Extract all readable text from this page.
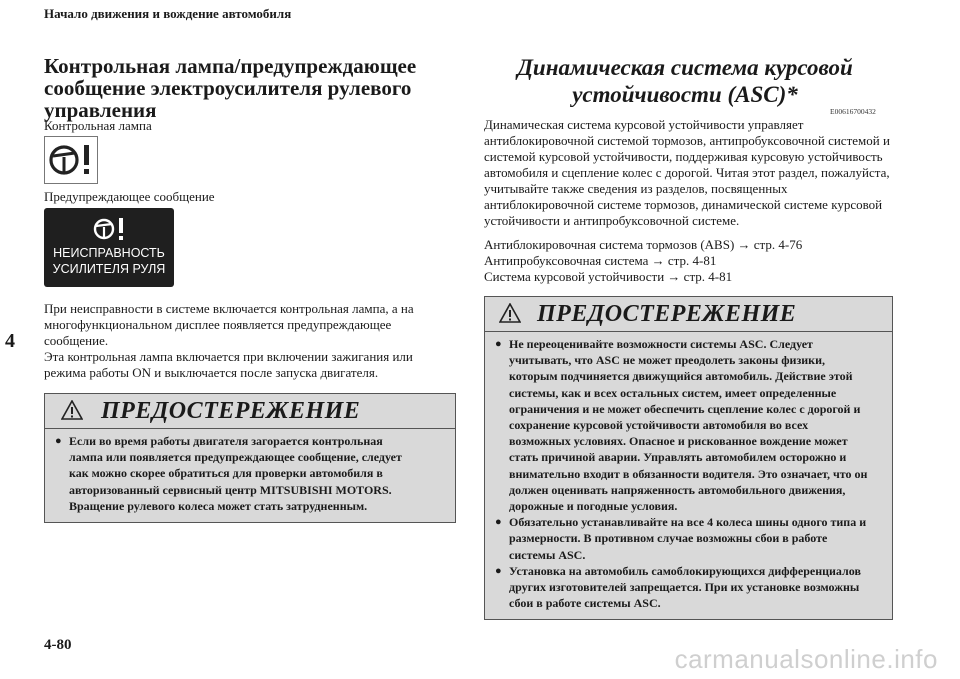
Начало движения и вождение автомобиля
4
4-80	carmanualsonline.info
Контрольная лампа/предупреждающее сообщение электроусилителя рулевого управления
Контрольная лампа
Предупреждающее сообщение
НЕИСПРАВНОСТЬ
УСИЛИТЕЛЯ РУЛЯ
При неисправности в системе включается контрольная лампа, а на многофункциональном дисплее появляется предупреждающее сообщение.
Эта контрольная лампа включается при включении зажигания или режима работы ON и выключается после запуска двигателя.
ПРЕДОСТЕРЕЖЕНИЕ
● Если во время работы двигателя загорается контрольная лампа или появляется предупреждающее сообщение, следует как можно скорее обратиться для проверки автомобиля в авторизованный сервисный центр MITSUBISHI MOTORS. Вращение рулевого колеса может стать затрудненным.
Динамическая система курсовой
устойчивости (ASC)*
E00616700432
Динамическая система курсовой устойчивости управляет антиблокировочной системой тормозов, антипробуксовочной системой и системой курсовой устойчивости, поддерживая курсовую устойчивость автомобиля и сцепление колес с дорогой. Читая этот раздел, пожалуйста, учитывайте также сведения из разделов, посвященных антиблокировочной системе тормозов, динамической системе курсовой устойчивости и антипробуксовочной системе.
Антиблокировочная система тормозов (ABS) → стр. 4-76
Антипробуксовочная система → стр. 4-81
Система курсовой устойчивости → стр. 4-81
ПРЕДОСТЕРЕЖЕНИЕ
● Не переоценивайте возможности системы ASC. Следует учитывать, что ASC не может преодолеть законы физики, которым подчиняется движущийся автомобиль. Действие этой системы, как и всех остальных систем, имеет определенные ограничения и не может обеспечить сцепление колес с дорогой и сохранение курсовой устойчивости автомобиля во всех возможных условиях. Опасное и рискованное вождение может стать причиной аварии. Управлять автомобилем осторожно и внимательно входит в обязанности водителя. Это означает, что он должен оценивать напряженность автомобильного движения, дорожные и погодные условия.
● Обязательно устанавливайте на все 4 колеса шины одного типа и размерности. В противном случае возможны сбои в работе системы ASC.
● Установка на автомобиль самоблокирующихся дифференциалов других изготовителей запрещается. При их установке возможны сбои в работе системы ASC.
